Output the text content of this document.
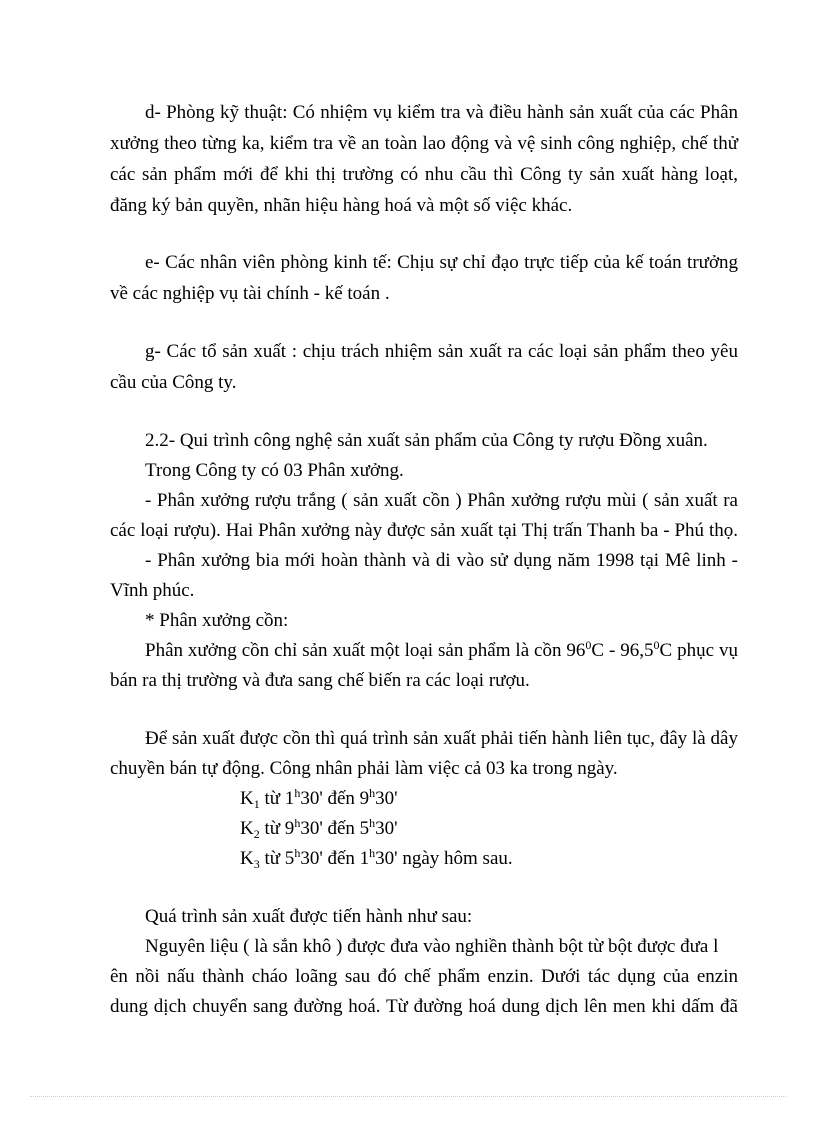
d- Phòng kỹ thuật: Có nhiệm vụ kiểm tra và điều hành sản xuất của các Phân
xưởng theo từng ka, kiểm tra về an toàn lao động và vệ sinh công nghiệp, chế thử
các sản phẩm mới để khi thị trường có nhu cầu thì Công ty sản xuất hàng loạt,
đăng ký bản quyền, nhãn hiệu hàng hoá và một số việc khác.
e- Các nhân viên phòng kinh tế: Chịu sự chỉ đạo trực tiếp của kế toán trưởng
về các nghiệp vụ tài chính - kế toán .
g- Các tổ sản xuất : chịu trách nhiệm sản xuất ra các loại sản phẩm theo yêu
cầu của Công ty.
2.2- Qui trình công nghệ sản xuất sản phẩm của Công ty rượu Đồng xuân.
Trong Công ty có 03 Phân xưởng.
- Phân xưởng rượu trắng ( sản xuất cồn ) Phân xưởng rượu mùi ( sản xuất ra
các loại rượu). Hai Phân xưởng này được sản xuất tại Thị trấn Thanh ba - Phú thọ.
- Phân xưởng bia mới hoàn thành và di vào sử dụng năm 1998 tại Mê linh -
Vĩnh phúc.
* Phân xưởng cồn:
Phân xưởng cồn chỉ sản xuất một loại sản phẩm là cồn $96^0C - 96,5^0C$ phục vụ
bán ra thị trường và đưa sang chế biến ra các loại rượu.
Để sản xuất được cồn thì quá trình sản xuất phải tiến hành liên tục, đây là dây
chuyền bán tự động. Công nhân phải làm việc cả 03 ka trong ngày.
$K_1$ từ 1$^h$30' đến 9$^h$30'
$K_2$ từ 9$^h$30' đến 5$^h$30'
$K_3$ từ 5$^h$30' đến 1$^h$30' ngày hôm sau.
Quá trình sản xuất được tiến hành như sau:
Nguyên liệu ( là sắn khô ) được đưa vào nghiền thành bột từ bột được đưa l
ên nồi nấu thành cháo loãng sau đó chế phẩm enzin. Dưới tác dụng của enzin
dung dịch chuyển sang đường hoá. Từ đường hoá dung dịch lên men khi dấm đã
